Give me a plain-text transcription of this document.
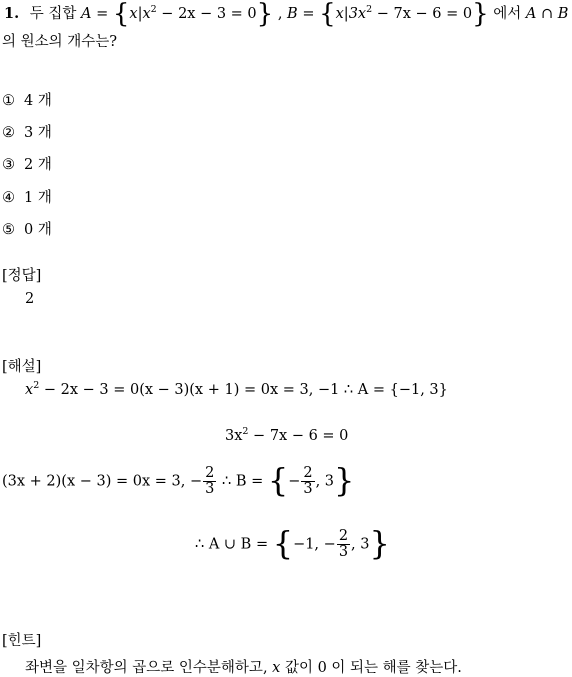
1. 두 집합 $A = \{x|x^2 - 2x - 3 = 0\}$ , $B = \{x|3x^2 - 7x - 6 = 0\}$ 에서 A ∩ B
의 원소의 개수는?
① 4 개
② 3 개
③ 2 개
④ 1 개
⑤ 0 개
[정답]
2
[해설]
$x^2 - 2x - 3 = 0(x - 3)(x + 1) = 0x = 3$, −1 ∴ A = {−1, 3}
$3x^2 - 7x - 6 = 0$
(3x + 2)(x − 3) = 0x = 3, − $\frac{2}{3}$ ∴ B = {− $\frac{2}{3}$ , 3}
∴ A ∪ B = {−1, − $\frac{2}{3}$ , 3}
[힌트]
좌변을 일차항의 곱으로 인수분해하고, x 값이 0 이 되는 해를 찾는다.
